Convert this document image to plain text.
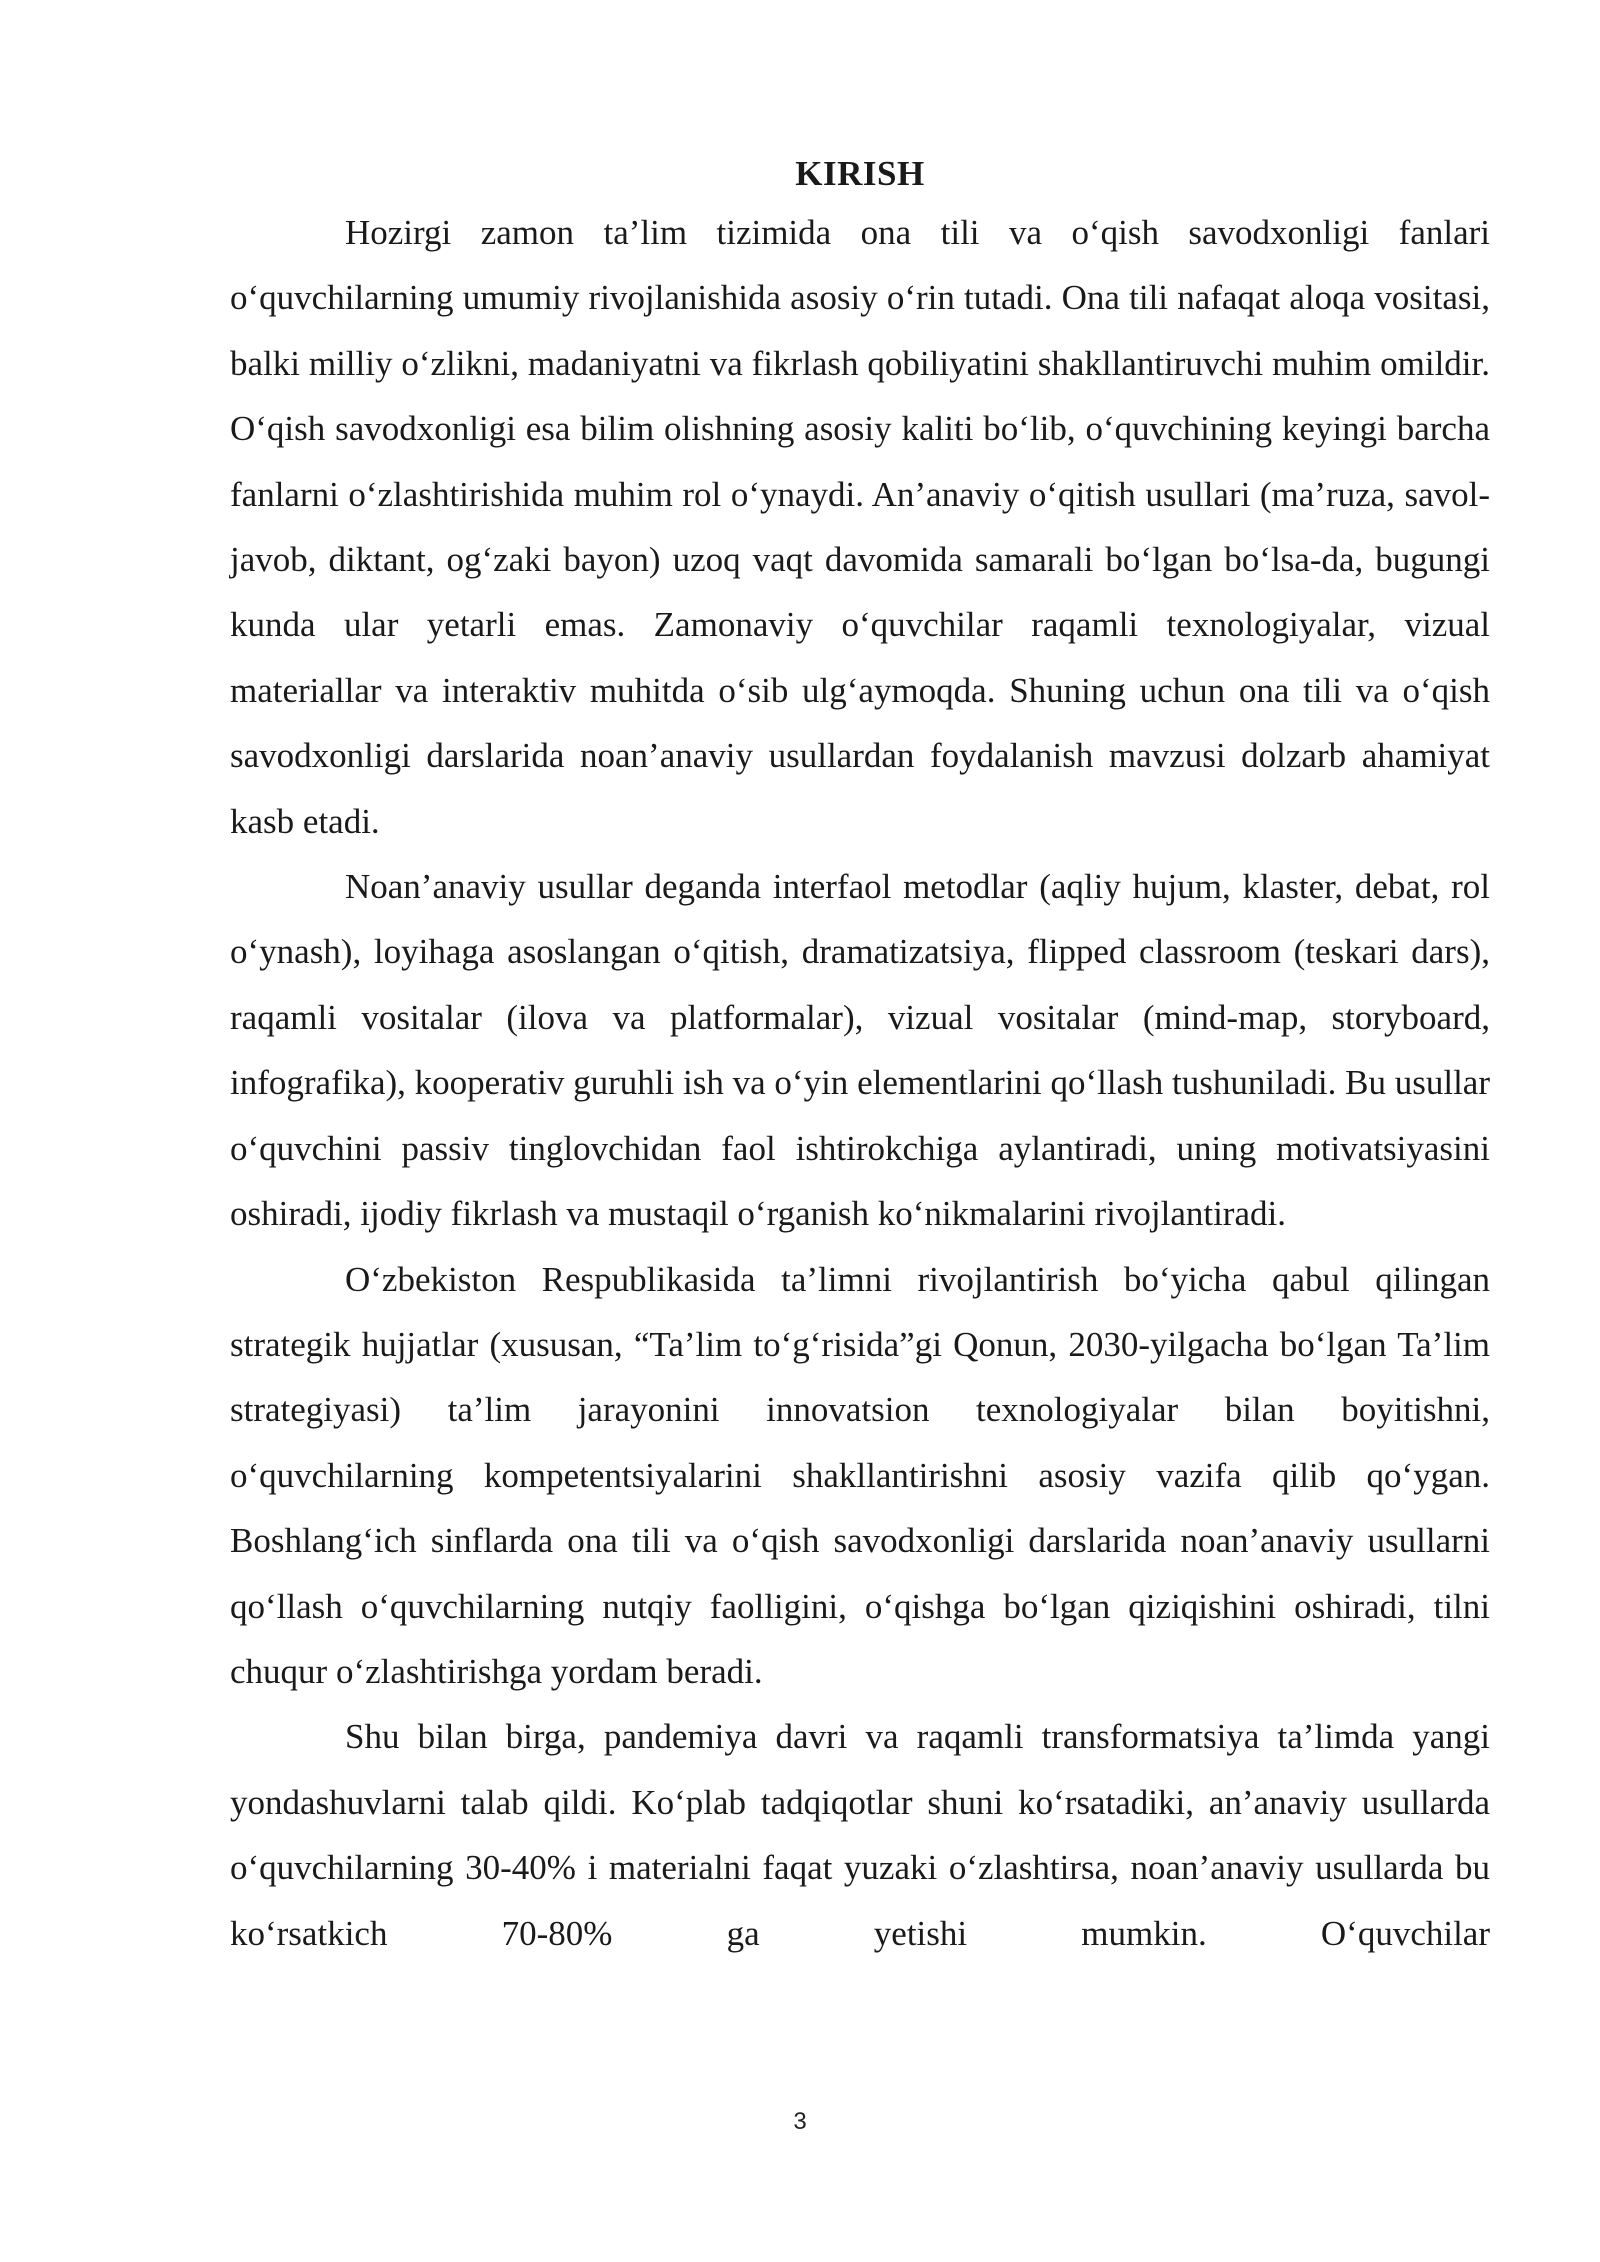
KIRISH

Hozirgi zamon ta’lim tizimida ona tili va o‘qish savodxonligi fanlari o‘quvchilarning umumiy rivojlanishida asosiy o‘rin tutadi. Ona tili nafaqat aloqa vositasi, balki milliy o‘zlikni, madaniyatni va fikrlash qobiliyatini shakllantiruvchi muhim omildir. O‘qish savodxonligi esa bilim olishning asosiy kaliti bo‘lib, o‘quvchining keyingi barcha fanlarni o‘zlashtirishida muhim rol o‘ynaydi. An’anaviy o‘qitish usullari (ma’ruza, savol-javob, diktant, og‘zaki bayon) uzoq vaqt davomida samarali bo‘lgan bo‘lsa-da, bugungi kunda ular yetarli emas. Zamonaviy o‘quvchilar raqamli texnologiyalar, vizual materiallar va interaktiv muhitda o‘sib ulg‘aymoqda. Shuning uchun ona tili va o‘qish savodxonligi darslarida noan’anaviy usullardan foydalanish mavzusi dolzarb ahamiyat kasb etadi.

Noan’anaviy usullar deganda interfaol metodlar (aqliy hujum, klaster, debat, rol o‘ynash), loyihaga asoslangan o‘qitish, dramatizatsiya, flipped classroom (teskari dars), raqamli vositalar (ilova va platformalar), vizual vositalar (mind-map, storyboard, infografika), kooperativ guruhli ish va o‘yin elementlarini qo‘llash tushuniladi. Bu usullar o‘quvchini passiv tinglovchidan faol ishtirokchiga aylantiradi, uning motivatsiyasini oshiradi, ijodiy fikrlash va mustaqil o‘rganish ko‘nikmalarini rivojlantiradi.

O‘zbekiston Respublikasida ta’limni rivojlantirish bo‘yicha qabul qilingan strategik hujjatlar (xususan, “Ta’lim to‘g‘risida”gi Qonun, 2030-yilgacha bo‘lgan Ta’lim strategiyasi) ta’lim jarayonini innovatsion texnologiyalar bilan boyitishni, o‘quvchilarning kompetentsiyalarini shakllantirishni asosiy vazifa qilib qo‘ygan. Boshlang‘ich sinflarda ona tili va o‘qish savodxonligi darslarida noan’anaviy usullarni qo‘llash o‘quvchilarning nutqiy faolligini, o‘qishga bo‘lgan qiziqishini oshiradi, tilni chuqur o‘zlashtirishga yordam beradi.

Shu bilan birga, pandemiya davri va raqamli transformatsiya ta’limda yangi yondashuvlarni talab qildi. Ko‘plab tadqiqotlar shuni ko‘rsatadiki, an’anaviy usullarda o‘quvchilarning 30-40% i materialni faqat yuzaki o‘zlashtirsa, noan’anaviy usullarda bu ko‘rsatkich 70-80% ga yetishi mumkin. O‘quvchilar

3
